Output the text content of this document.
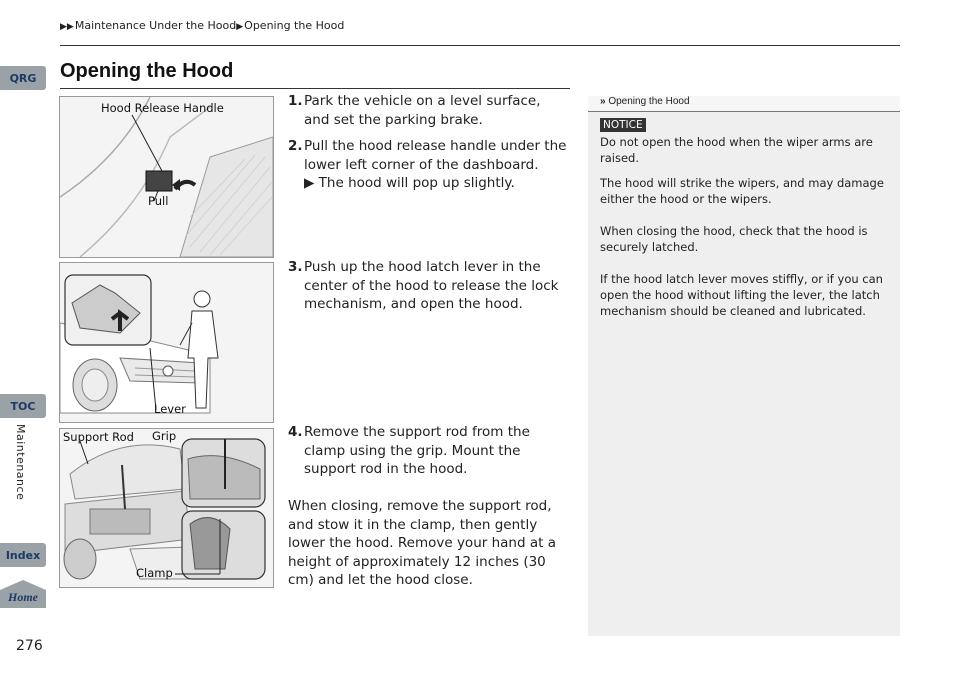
▶▶Maintenance Under the Hood▶Opening the Hood
QRG
TOC
Maintenance
Index
Home
276
Opening the Hood
Hood Release Handle
Pull
Lever
Support Rod Grip
Clamp
1. Park the vehicle on a level surface, and set the parking brake.
2. Pull the hood release handle under the lower left corner of the dashboard.
▶ The hood will pop up slightly.
3. Push up the hood latch lever in the center of the hood to release the lock mechanism, and open the hood.
4. Remove the support rod from the clamp using the grip. Mount the support rod in the hood.
When closing, remove the support rod, and stow it in the clamp, then gently lower the hood. Remove your hand at a height of approximately 12 inches (30 cm) and let the hood close.
» Opening the Hood
NOTICE
Do not open the hood when the wiper arms are raised.
The hood will strike the wipers, and may damage either the hood or the wipers.
When closing the hood, check that the hood is securely latched.
If the hood latch lever moves stiffly, or if you can open the hood without lifting the lever, the latch mechanism should be cleaned and lubricated.
